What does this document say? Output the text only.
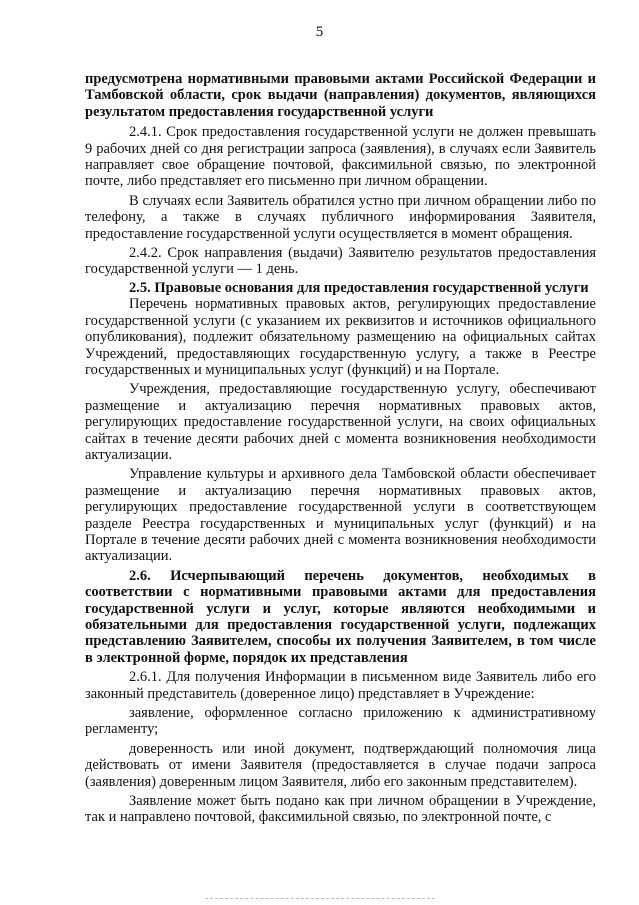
5

предусмотрена нормативными правовыми актами Российской Федерации и Тамбовской области, срок выдачи (направления) документов, являющихся результатом предоставления государственной услуги

2.4.1. Срок предоставления государственной услуги не должен превышать 9 рабочих дней со дня регистрации запроса (заявления), в случаях если Заявитель направляет свое обращение почтовой, факсимильной связью, по электронной почте, либо представляет его письменно при личном обращении.

В случаях если Заявитель обратился устно при личном обращении либо по телефону, а также в случаях публичного информирования Заявителя, предоставление государственной услуги осуществляется в момент обращения.

2.4.2. Срок направления (выдачи) Заявителю результатов предоставления государственной услуги — 1 день.

2.5. Правовые основания для предоставления государственной услуги

Перечень нормативных правовых актов, регулирующих предоставление государственной услуги (с указанием их реквизитов и источников официального опубликования), подлежит обязательному размещению на официальных сайтах Учреждений, предоставляющих государственную услугу, а также в Реестре государственных и муниципальных услуг (функций) и на Портале.

Учреждения, предоставляющие государственную услугу, обеспечивают размещение и актуализацию перечня нормативных правовых актов, регулирующих предоставление государственной услуги, на своих официальных сайтах в течение десяти рабочих дней с момента возникновения необходимости актуализации.

Управление культуры и архивного дела Тамбовской области обеспечивает размещение и актуализацию перечня нормативных правовых актов, регулирующих предоставление государственной услуги в соответствующем разделе Реестра государственных и муниципальных услуг (функций) и на Портале в течение десяти рабочих дней с момента возникновения необходимости актуализации.

2.6. Исчерпывающий перечень документов, необходимых в соответствии с нормативными правовыми актами для предоставления государственной услуги и услуг, которые являются необходимыми и обязательными для предоставления государственной услуги, подлежащих представлению Заявителем, способы их получения Заявителем, в том числе в электронной форме, порядок их представления

2.6.1. Для получения Информации в письменном виде Заявитель либо его законный представитель (доверенное лицо) представляет в Учреждение:

заявление, оформленное согласно приложению к административному регламенту;

доверенность или иной документ, подтверждающий полномочия лица действовать от имени Заявителя (предоставляется в случае подачи запроса (заявления) доверенным лицом Заявителя, либо его законным представителем).

Заявление может быть подано как при личном обращении в Учреждение, так и направлено почтовой, факсимильной связью, по электронной почте, с
